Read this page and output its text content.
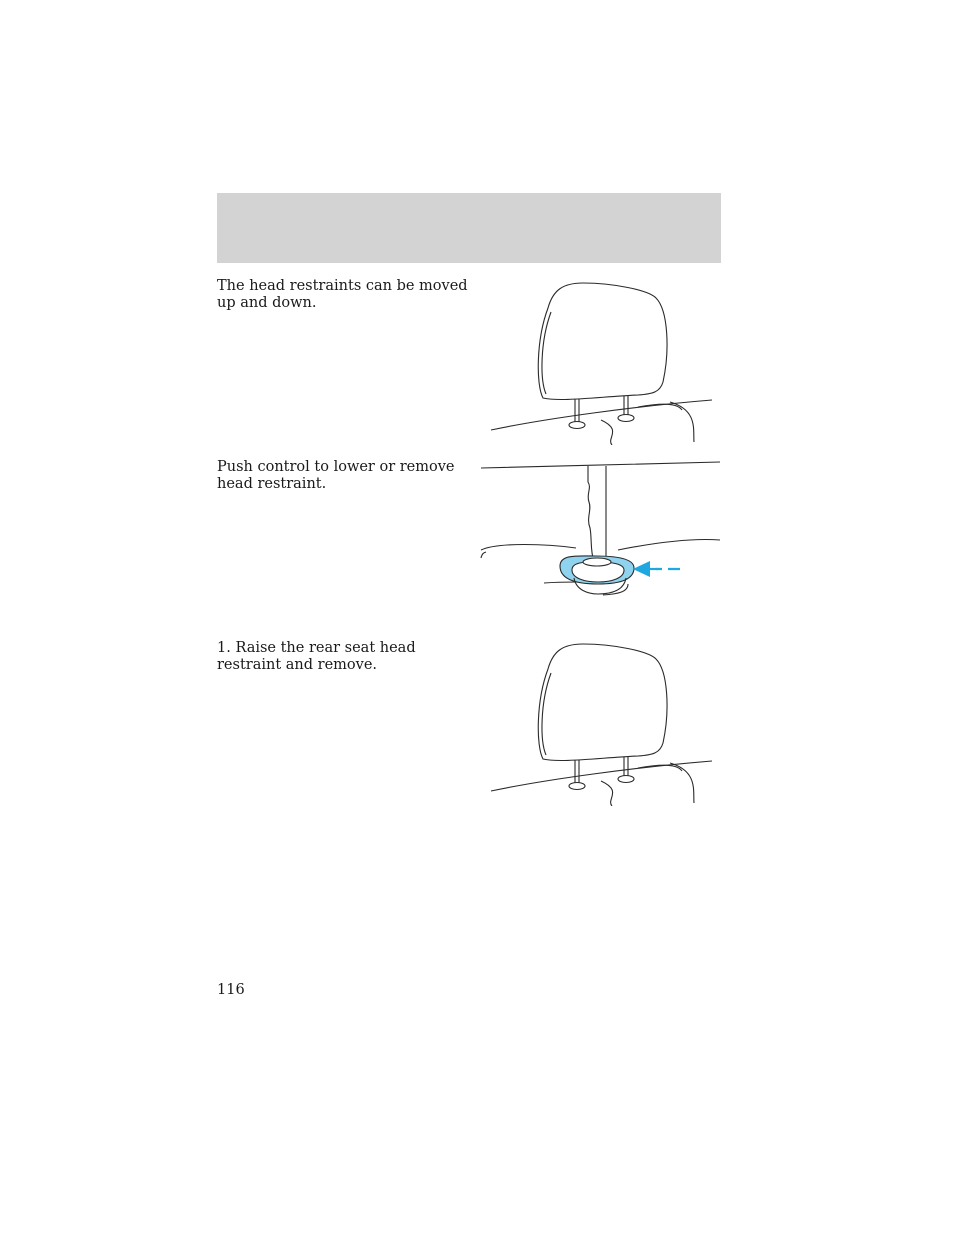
The head restraints can be moved up and down.

Push control to lower or remove head restraint.

1. Raise the rear seat head restraint and remove.

116
